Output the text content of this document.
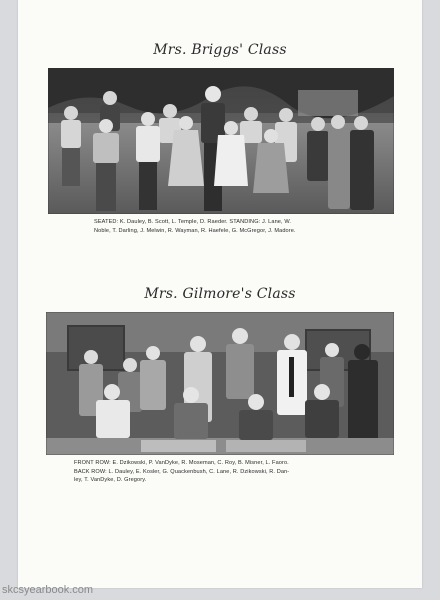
Mrs. Briggs' Class
SEATED: K. Dauley, B. Scott, L. Temple, D. Raeder. STANDING: J. Lane, W.
Noble, T. Darling, J. Melwin, R. Wayman, R. Haefele, G. McGregor, J. Madore.
Mrs. Gilmore's Class
FRONT ROW: E. Dzikowski, P. VanDyke, R. Moseman, C. Roy, B. Misner, L. Faoro.
BACK ROW: L. Dauley, E. Kosler, G. Quackenbush, C. Lane, R. Dzikowski, R. Dan-
ley, T. VanDyke, D. Gregory.
skcsyearbook.com
